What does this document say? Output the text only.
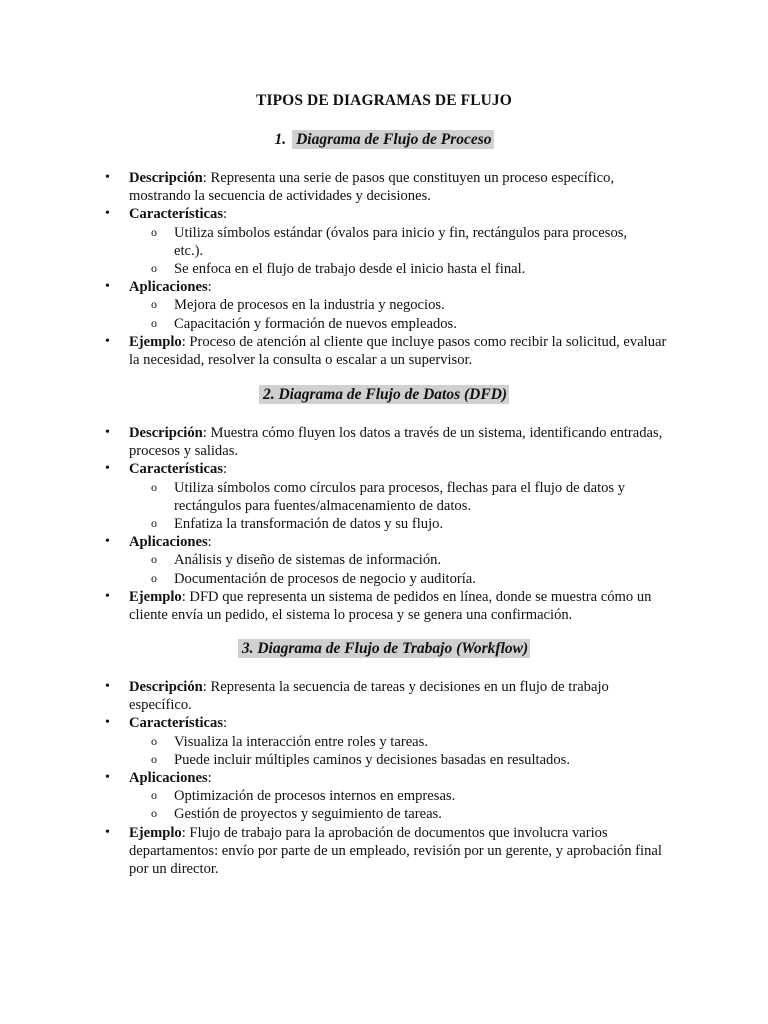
TIPOS DE DIAGRAMAS DE FLUJO
1. Diagrama de Flujo de Proceso
• Descripción: Representa una serie de pasos que constituyen un proceso específico, mostrando la secuencia de actividades y decisiones.
• Características:
o Utiliza símbolos estándar (óvalos para inicio y fin, rectángulos para procesos, etc.).
o Se enfoca en el flujo de trabajo desde el inicio hasta el final.
• Aplicaciones:
o Mejora de procesos en la industria y negocios.
o Capacitación y formación de nuevos empleados.
• Ejemplo: Proceso de atención al cliente que incluye pasos como recibir la solicitud, evaluar la necesidad, resolver la consulta o escalar a un supervisor.
2. Diagrama de Flujo de Datos (DFD)
• Descripción: Muestra cómo fluyen los datos a través de un sistema, identificando entradas, procesos y salidas.
• Características:
o Utiliza símbolos como círculos para procesos, flechas para el flujo de datos y rectángulos para fuentes/almacenamiento de datos.
o Enfatiza la transformación de datos y su flujo.
• Aplicaciones:
o Análisis y diseño de sistemas de información.
o Documentación de procesos de negocio y auditoría.
• Ejemplo: DFD que representa un sistema de pedidos en línea, donde se muestra cómo un cliente envía un pedido, el sistema lo procesa y se genera una confirmación.
3. Diagrama de Flujo de Trabajo (Workflow)
• Descripción: Representa la secuencia de tareas y decisiones en un flujo de trabajo específico.
• Características:
o Visualiza la interacción entre roles y tareas.
o Puede incluir múltiples caminos y decisiones basadas en resultados.
• Aplicaciones:
o Optimización de procesos internos en empresas.
o Gestión de proyectos y seguimiento de tareas.
• Ejemplo: Flujo de trabajo para la aprobación de documentos que involucra varios departamentos: envío por parte de un empleado, revisión por un gerente, y aprobación final por un director.
